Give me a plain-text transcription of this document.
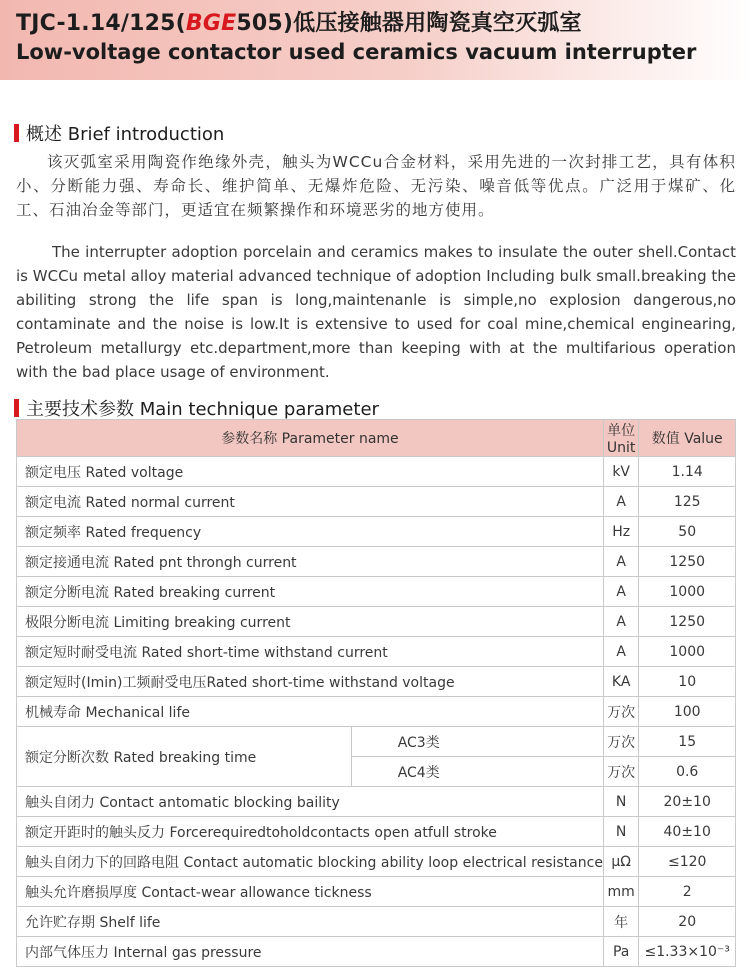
TJC-1.14/125(BGE505)低压接触器用陶瓷真空灭弧室
Low-voltage contactor used ceramics vacuum interrupter
概述 Brief introduction
该灭弧室采用陶瓷作绝缘外壳，触头为WCCu合金材料，采用先进的一次封排工艺，具有体积小、分断能力强、寿命长、维护简单、无爆炸危险、无污染、噪音低等优点。广泛用于煤矿、化工、石油冶金等部门，更适宜在频繁操作和环境恶劣的地方使用。
The interrupter adoption porcelain and ceramics makes to insulate the outer shell.Contact is WCCu metal alloy material advanced technique of adoption Including bulk small.breaking the abiliting strong the life span is long,maintenanle is simple,no explosion dangerous,no contaminate and the noise is low.It is extensive to used for coal mine,chemical enginearing, Petroleum metallurgy etc.department,more than keeping with at the multifarious operation with the bad place usage of environment.
主要技术参数 Main technique parameter
参数名称 Parameter name		单位 Unit	数值 Value
额定电压 Rated voltage		kV	1.14
额定电流 Rated normal current		A	125
额定频率 Rated frequency		Hz	50
额定接通电流 Rated pnt throngh current		A	1250
额定分断电流 Rated breaking current		A	1000
极限分断电流 Limiting breaking current		A	1250
额定短时耐受电流 Rated short-time withstand current		A	1000
额定短时(Imin)工频耐受电压Rated short-time withstand voltage		KA	10
机械寿命 Mechanical life		万次	100
额定分断次数 Rated breaking time	AC3类	万次	15
	AC4类	万次	0.6
触头自闭力 Contact antomatic blocking baility		N	20±10
额定开距时的触头反力 Forcerequiredtoholdcontacts open atfull stroke		N	40±10
触头自闭力下的回路电阻 Contact automatic blocking ability loop electrical resistance		μΩ	≤120
触头允许磨损厚度 Contact-wear allowance tickness		mm	2
允许贮存期 Shelf life		年	20
内部气体压力 Internal gas pressure		Pa	≤1.33×10⁻³
